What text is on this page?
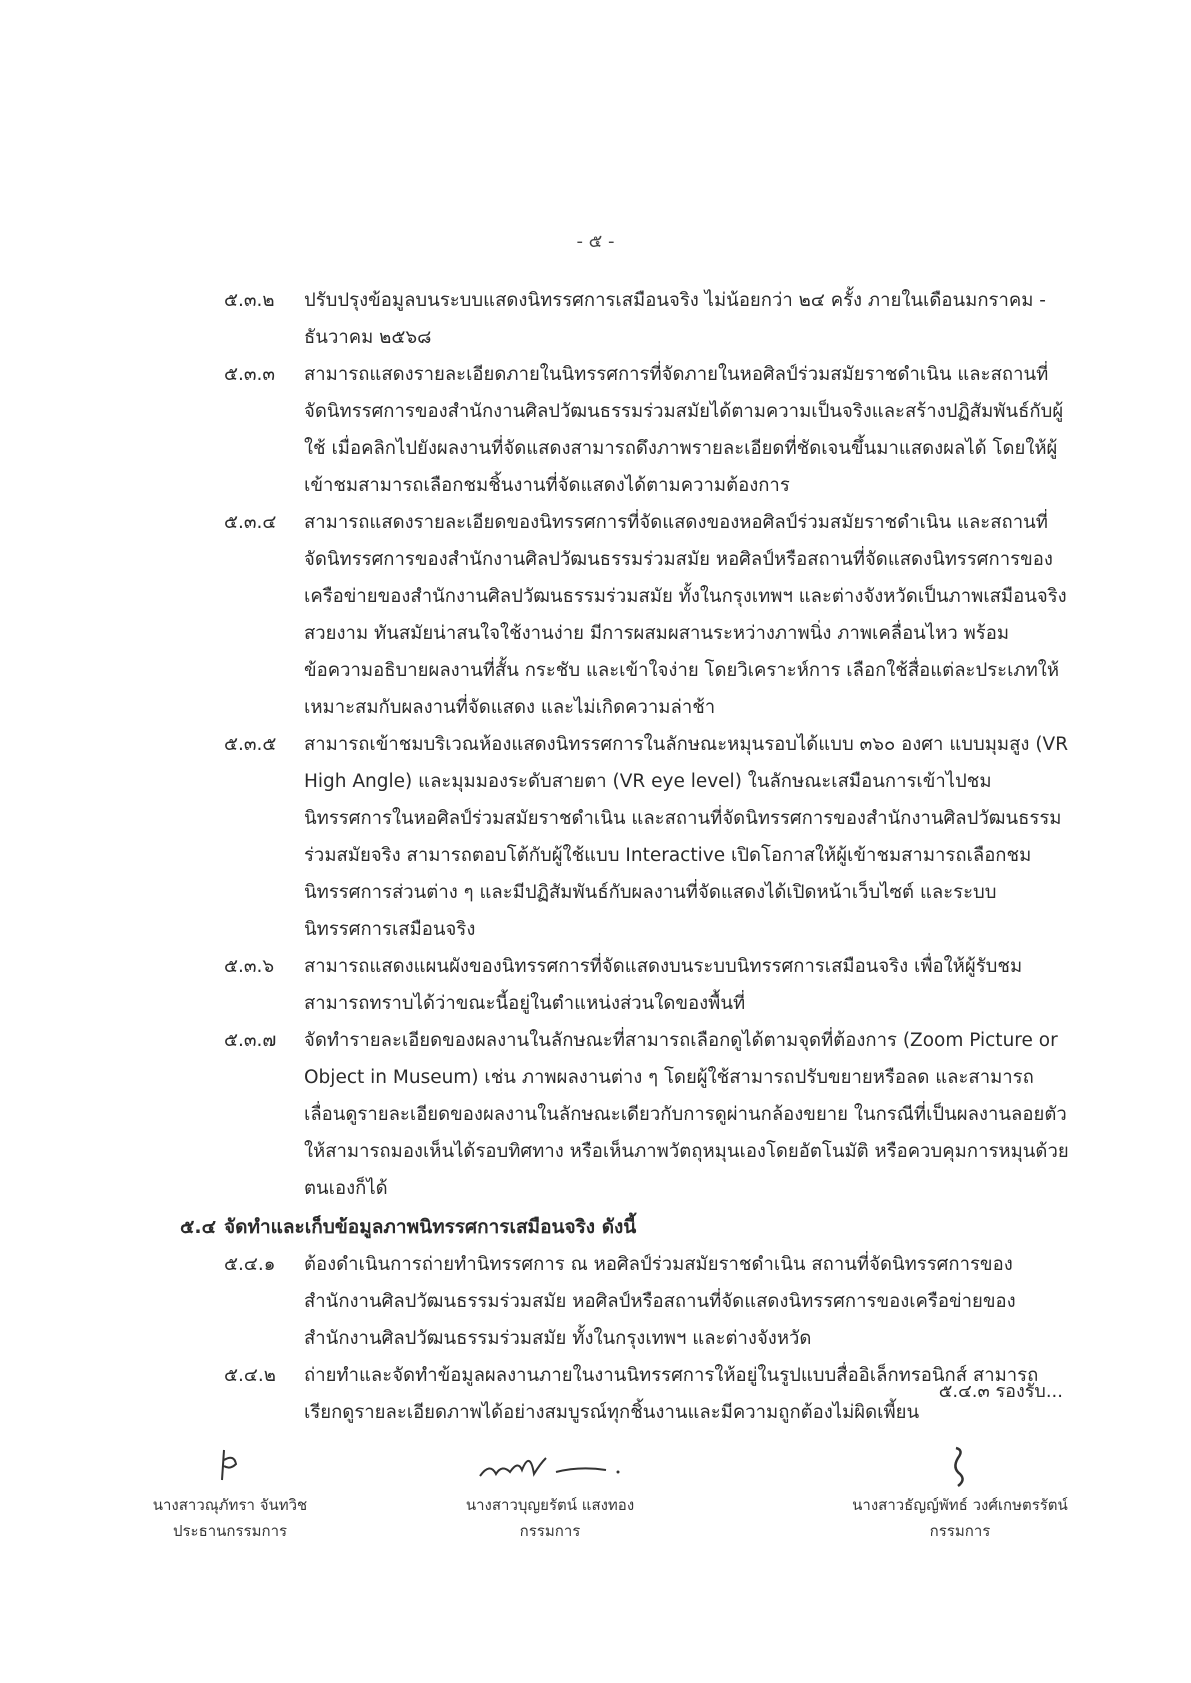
- ๕ -
๕.๓.๒ ปรับปรุงข้อมูลบนระบบแสดงนิทรรศการเสมือนจริง ไม่น้อยกว่า ๒๔ ครั้ง ภายในเดือนมกราคม - ธันวาคม ๒๕๖๘
๕.๓.๓ สามารถแสดงรายละเอียดภายในนิทรรศการที่จัดภายในหอศิลป์ร่วมสมัยราชดำเนิน และสถานที่จัดนิทรรศการของสำนักงานศิลปวัฒนธรรมร่วมสมัยได้ตามความเป็นจริงและสร้างปฏิสัมพันธ์กับผู้ใช้ เมื่อคลิกไปยังผลงานที่จัดแสดงสามารถดึงภาพรายละเอียดที่ชัดเจนขึ้นมาแสดงผลได้ โดยให้ผู้เข้าชมสามารถเลือกชมชิ้นงานที่จัดแสดงได้ตามความต้องการ
๕.๓.๔ สามารถแสดงรายละเอียดของนิทรรศการที่จัดแสดงของหอศิลป์ร่วมสมัยราชดำเนิน และสถานที่จัดนิทรรศการของสำนักงานศิลปวัฒนธรรมร่วมสมัย หอศิลป์หรือสถานที่จัดแสดงนิทรรศการของเครือข่ายของสำนักงานศิลปวัฒนธรรมร่วมสมัย ทั้งในกรุงเทพฯ และต่างจังหวัดเป็นภาพเสมือนจริง สวยงาม ทันสมัยน่าสนใจใช้งานง่าย มีการผสมผสานระหว่างภาพนิ่ง ภาพเคลื่อนไหว พร้อมข้อความอธิบายผลงานที่สั้น กระชับ และเข้าใจง่าย โดยวิเคราะห์การ เลือกใช้สื่อแต่ละประเภทให้เหมาะสมกับผลงานที่จัดแสดง และไม่เกิดความล่าช้า
๕.๓.๕ สามารถเข้าชมบริเวณห้องแสดงนิทรรศการในลักษณะหมุนรอบได้แบบ ๓๖๐ องศา แบบมุมสูง (VR High Angle) และมุมมองระดับสายตา (VR eye level) ในลักษณะเสมือนการเข้าไปชมนิทรรศการในหอศิลป์ร่วมสมัยราชดำเนิน และสถานที่จัดนิทรรศการของสำนักงานศิลปวัฒนธรรมร่วมสมัยจริง สามารถตอบโต้กับผู้ใช้แบบ Interactive เปิดโอกาสให้ผู้เข้าชมสามารถเลือกชมนิทรรศการส่วนต่าง ๆ และมีปฏิสัมพันธ์กับผลงานที่จัดแสดงได้เปิดหน้าเว็บไซต์ และระบบนิทรรศการเสมือนจริง
๕.๓.๖ สามารถแสดงแผนผังของนิทรรศการที่จัดแสดงบนระบบนิทรรศการเสมือนจริง เพื่อให้ผู้รับชมสามารถทราบได้ว่าขณะนี้อยู่ในตำแหน่งส่วนใดของพื้นที่
๕.๓.๗ จัดทำรายละเอียดของผลงานในลักษณะที่สามารถเลือกดูได้ตามจุดที่ต้องการ (Zoom Picture or Object in Museum) เช่น ภาพผลงานต่าง ๆ โดยผู้ใช้สามารถปรับขยายหรือลด และสามารถเลื่อนดูรายละเอียดของผลงานในลักษณะเดียวกับการดูผ่านกล้องขยาย ในกรณีที่เป็นผลงานลอยตัว ให้สามารถมองเห็นได้รอบทิศทาง หรือเห็นภาพวัตถุหมุนเองโดยอัตโนมัติ หรือควบคุมการหมุนด้วยตนเองก็ได้
๕.๔ จัดทำและเก็บข้อมูลภาพนิทรรศการเสมือนจริง ดังนี้
๕.๔.๑ ต้องดำเนินการถ่ายทำนิทรรศการ ณ หอศิลป์ร่วมสมัยราชดำเนิน สถานที่จัดนิทรรศการของสำนักงานศิลปวัฒนธรรมร่วมสมัย หอศิลป์หรือสถานที่จัดแสดงนิทรรศการของเครือข่ายของสำนักงานศิลปวัฒนธรรมร่วมสมัย ทั้งในกรุงเทพฯ และต่างจังหวัด
๕.๔.๒ ถ่ายทำและจัดทำข้อมูลผลงานภายในงานนิทรรศการให้อยู่ในรูปแบบสื่ออิเล็กทรอนิกส์ สามารถเรียกดูรายละเอียดภาพได้อย่างสมบูรณ์ทุกชิ้นงานและมีความถูกต้องไม่ผิดเพี้ยน
๕.๔.๓ รองรับ...
นางสาวณุภัทรา จันทวิช
ประธานกรรมการ
นางสาวบุญยรัตน์ แสงทอง
กรรมการ
นางสาวธัญญ์พัทธ์ วงศ์เกษตรรัตน์
กรรมการ
